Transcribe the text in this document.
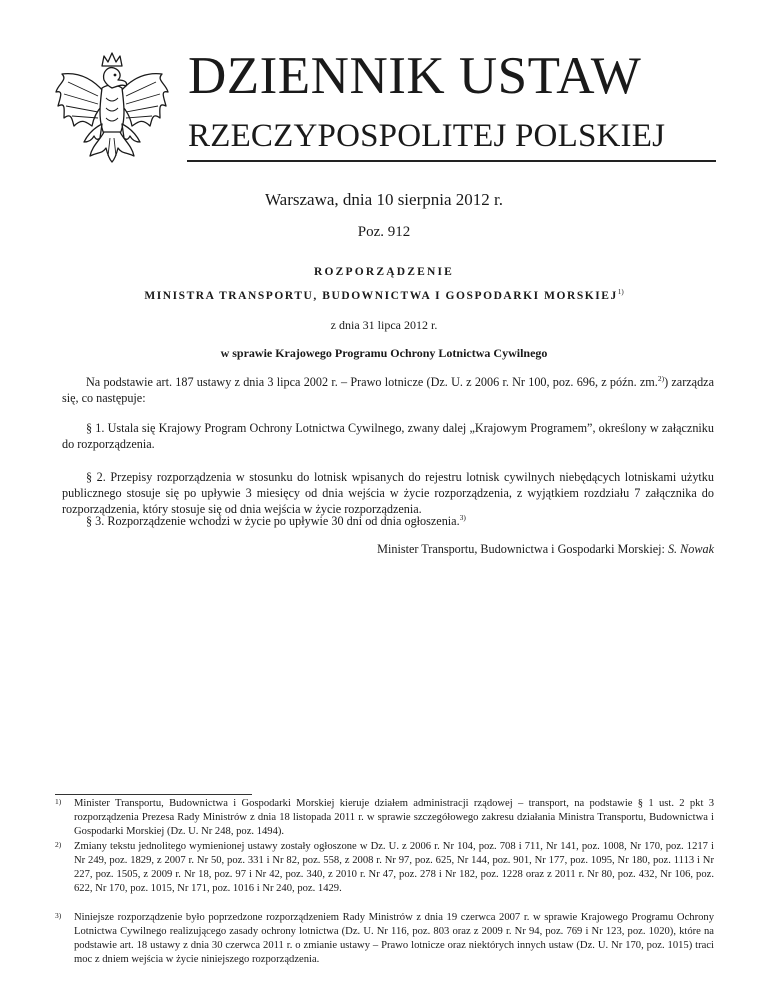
DZIENNIK USTAW
RZECZYPOSPOLITEJ POLSKIEJ
Warszawa, dnia 10 sierpnia 2012 r.
Poz. 912
ROZPORZĄDZENIE
MINISTRA TRANSPORTU, BUDOWNICTWA I GOSPODARKI MORSKIEJ$^{1)}$
z dnia 31 lipca 2012 r.
w sprawie Krajowego Programu Ochrony Lotnictwa Cywilnego
Na podstawie art. 187 ustawy z dnia 3 lipca 2002 r. – Prawo lotnicze (Dz. U. z 2006 r. Nr 100, poz. 696, z późn. zm.$^{2)}$) zarządza się, co następuje:
§ 1. Ustala się Krajowy Program Ochrony Lotnictwa Cywilnego, zwany dalej „Krajowym Programem”, określony w załączniku do rozporządzenia.
§ 2. Przepisy rozporządzenia w stosunku do lotnisk wpisanych do rejestru lotnisk cywilnych niebędących lotniskami użytku publicznego stosuje się po upływie 3 miesięcy od dnia wejścia w życie rozporządzenia, z wyjątkiem rozdziału 7 załącznika do rozporządzenia, który stosuje się od dnia wejścia w życie rozporządzenia.
§ 3. Rozporządzenie wchodzi w życie po upływie 30 dni od dnia ogłoszenia.$^{3)}$
Minister Transportu, Budownictwa i Gospodarki Morskiej: S. Nowak
1) Minister Transportu, Budownictwa i Gospodarki Morskiej kieruje działem administracji rządowej – transport, na podstawie § 1 ust. 2 pkt 3 rozporządzenia Prezesa Rady Ministrów z dnia 18 listopada 2011 r. w sprawie szczegółowego zakresu działania Ministra Transportu, Budownictwa i Gospodarki Morskiej (Dz. U. Nr 248, poz. 1494).
2) Zmiany tekstu jednolitego wymienionej ustawy zostały ogłoszone w Dz. U. z 2006 r. Nr 104, poz. 708 i 711, Nr 141, poz. 1008, Nr 170, poz. 1217 i Nr 249, poz. 1829, z 2007 r. Nr 50, poz. 331 i Nr 82, poz. 558, z 2008 r. Nr 97, poz. 625, Nr 144, poz. 901, Nr 177, poz. 1095, Nr 180, poz. 1113 i Nr 227, poz. 1505, z 2009 r. Nr 18, poz. 97 i Nr 42, poz. 340, z 2010 r. Nr 47, poz. 278 i Nr 182, poz. 1228 oraz z 2011 r. Nr 80, poz. 432, Nr 106, poz. 622, Nr 170, poz. 1015, Nr 171, poz. 1016 i Nr 240, poz. 1429.
3) Niniejsze rozporządzenie było poprzedzone rozporządzeniem Rady Ministrów z dnia 19 czerwca 2007 r. w sprawie Krajowego Programu Ochrony Lotnictwa Cywilnego realizującego zasady ochrony lotnictwa (Dz. U. Nr 116, poz. 803 oraz z 2009 r. Nr 94, poz. 769 i Nr 123, poz. 1020), które na podstawie art. 18 ustawy z dnia 30 czerwca 2011 r. o zmianie ustawy – Prawo lotnicze oraz niektórych innych ustaw (Dz. U. Nr 170, poz. 1015) traci moc z dniem wejścia w życie niniejszego rozporządzenia.
